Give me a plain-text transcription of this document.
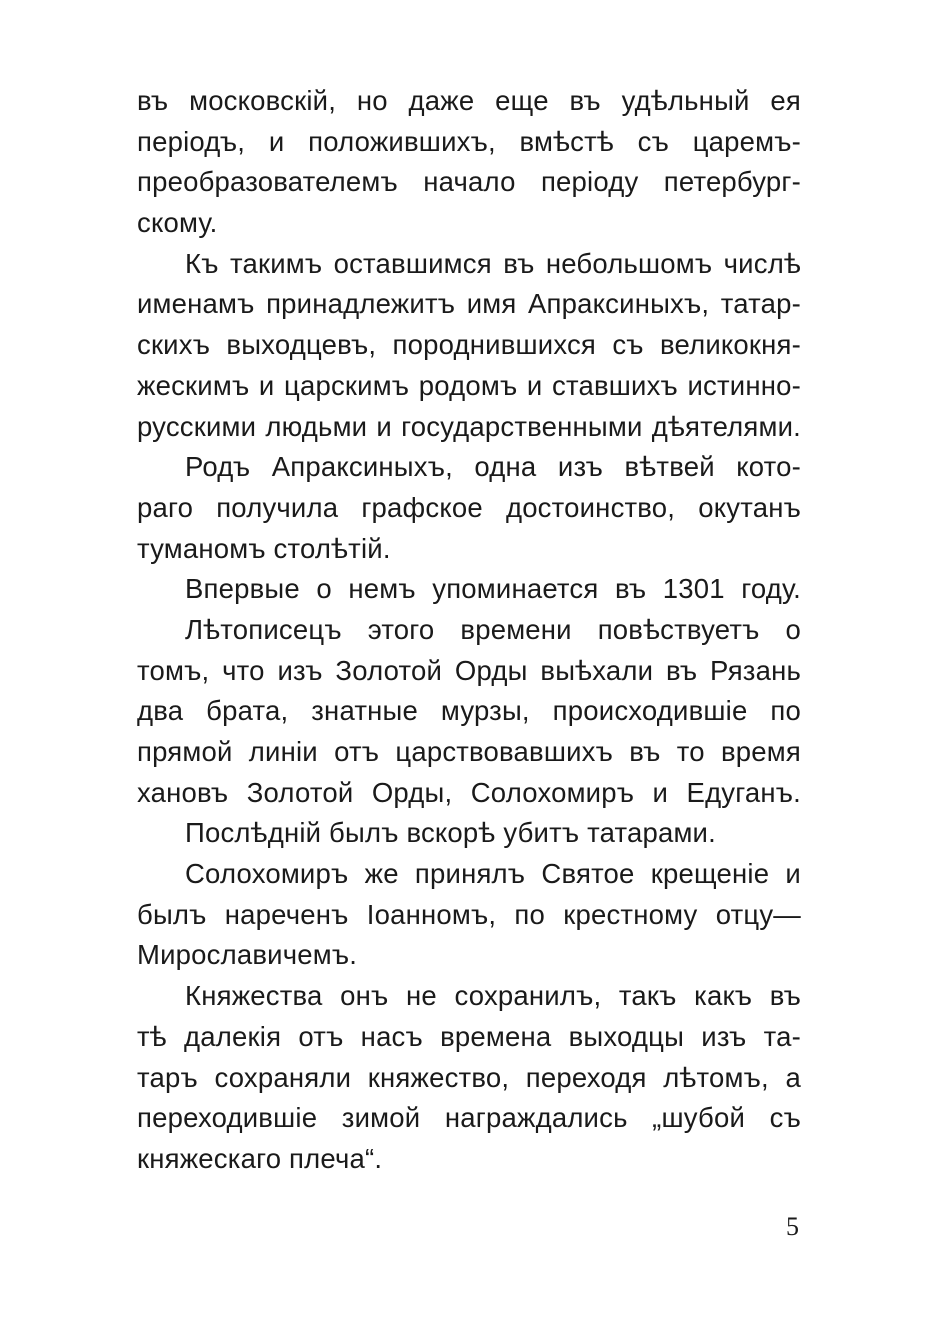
въ московскiй, но даже еще въ удѣльный ея
перiодъ, и положившихъ, вмѣстѣ съ царемъ-
преобразователемъ начало перiоду петербург-
скому.
Къ такимъ оставшимся въ небольшомъ числѣ
именамъ принадлежитъ имя Апраксиныхъ, татар-
скихъ выходцевъ, породнившихся съ великокня-
жескимъ и царскимъ родомъ и ставшихъ истинно-
русскими людьми и государственными дѣятелями.
Родъ Апраксиныхъ, одна изъ вѣтвей кото-
раго получила графское достоинство, окутанъ
туманомъ столѣтiй.
Впервые о немъ упоминается въ 1301 году.
Лѣтописецъ этого времени повѣствуетъ о
томъ, что изъ Золотой Орды выѣхали въ Рязань
два брата, знатные мурзы, происходившiе по
прямой линiи отъ царствовавшихъ въ то время
хановъ Золотой Орды, Солохомиръ и Едуганъ.
Послѣднiй былъ вскорѣ убитъ татарами.
Солохомиръ же принялъ Святое крещенiе и
былъ нареченъ Iоанномъ, по крестному отцу—
Мирославичемъ.
Княжества онъ не сохранилъ, такъ какъ въ
тѣ далекiя отъ насъ времена выходцы изъ та-
таръ сохраняли княжество, переходя лѣтомъ, а
переходившiе зимой награждались „шубой съ
княжескаго плеча“.
5
